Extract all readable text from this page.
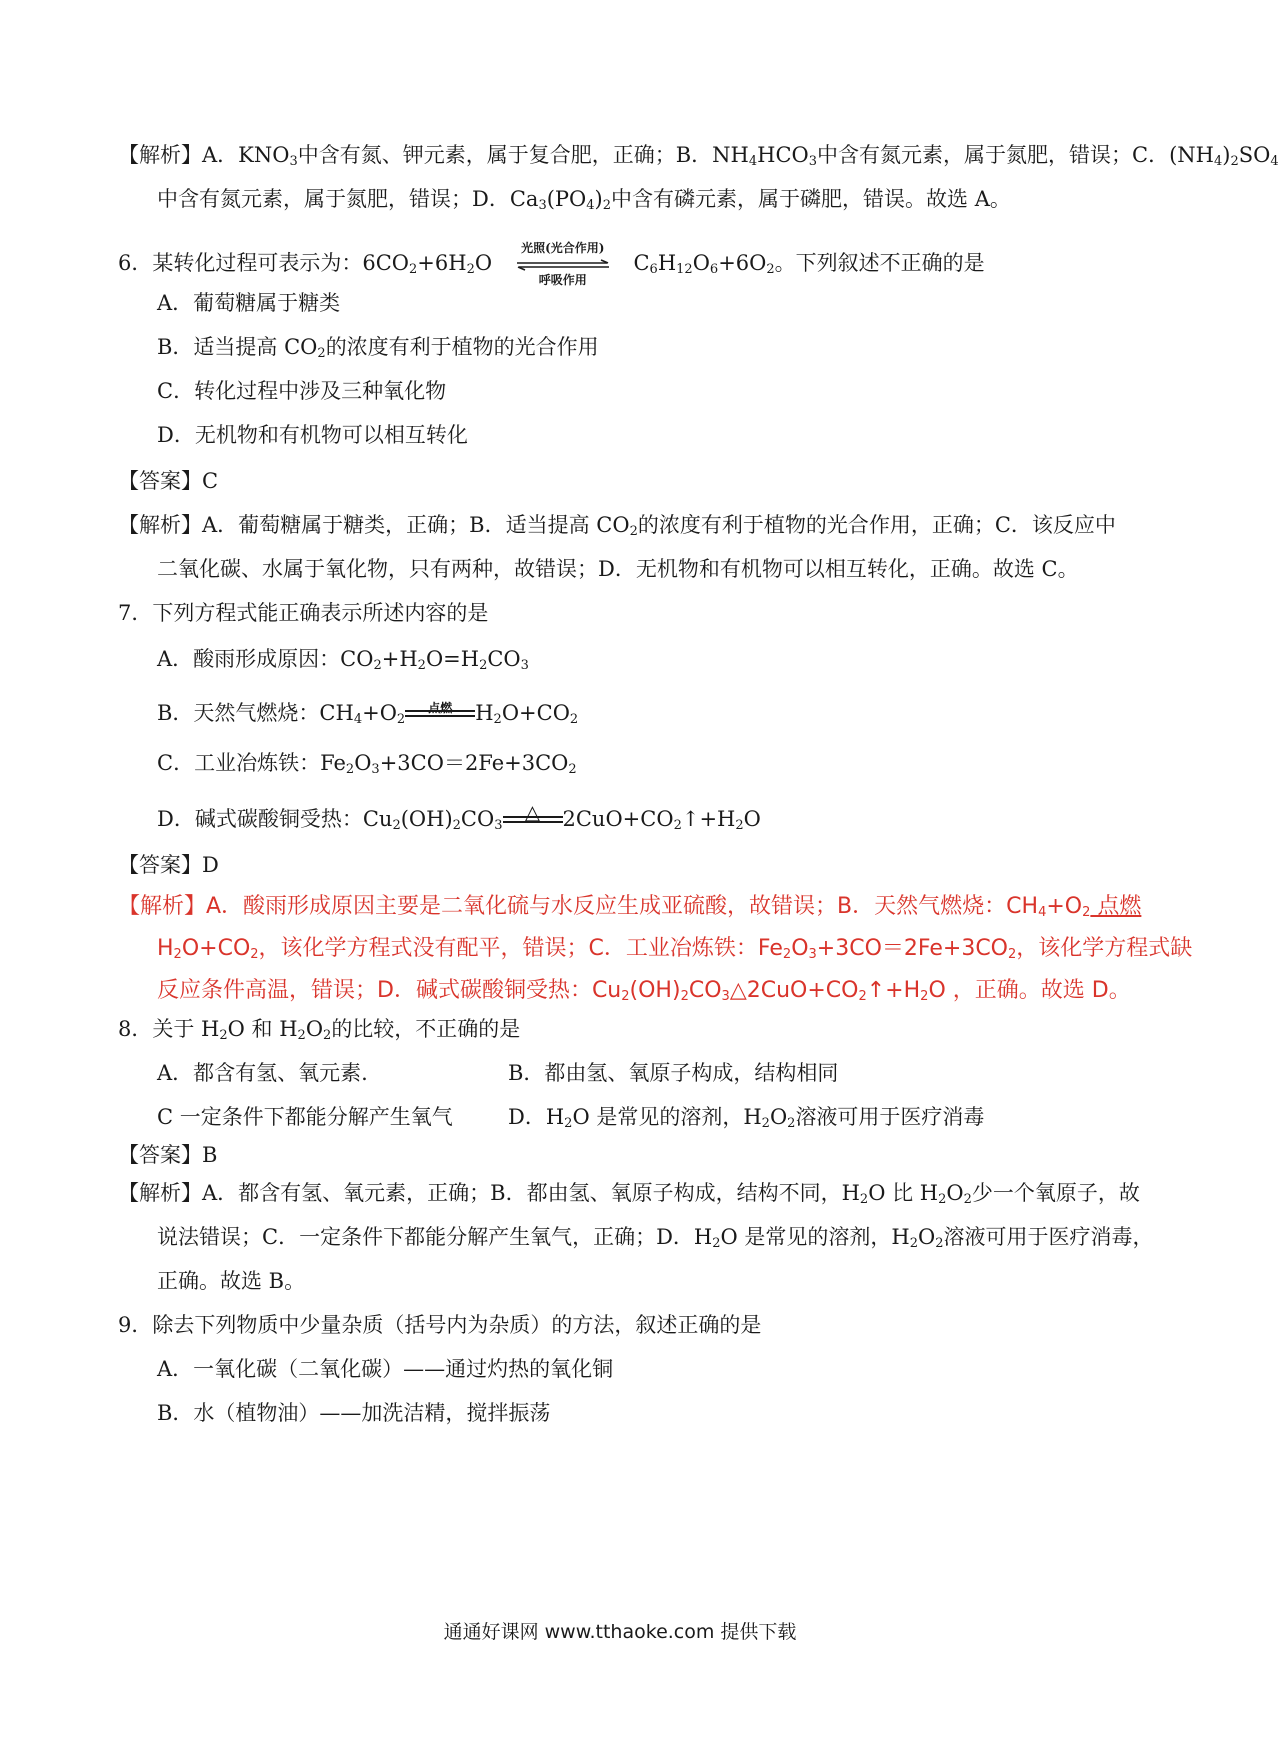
【解析】A．$KNO_3$中含有氮、钾元素，属于复合肥，正确；B．$NH_4HCO_3$中含有氮元素，属于氮肥，错误；C．$(NH_4)_2SO_4$
中含有氮元素，属于氮肥，错误；D．$Ca_3(PO_4)_2$中含有磷元素，属于磷肥，错误。故选 A。
6．某转化过程可表示为：$6CO_2+6H_2O$
光照(光合作用)
呼吸作用
$C_6H_{12}O_6+6O_2$。下列叙述不正确的是
A．葡萄糖属于糖类
B．适当提高 $CO_2$的浓度有利于植物的光合作用
C．转化过程中涉及三种氧化物
D．无机物和有机物可以相互转化
【答案】C
【解析】A．葡萄糖属于糖类，正确；B．适当提高 $CO_2$的浓度有利于植物的光合作用，正确；C．该反应中
二氧化碳、水属于氧化物，只有两种，故错误；D．无机物和有机物可以相互转化，正确。故选 C。
7．下列方程式能正确表示所述内容的是
A．酸雨形成原因：$CO_2+H_2O=H_2CO_3$
B．天然气燃烧：$CH_4+O_2$
点燃	$H_2O+CO_2$
C．工业冶炼铁：$Fe_2O_3+3CO=2Fe+3CO_2$
D．碱式碳酸铜受热：$Cu_2(OH)_2CO_3$
△	$2CuO+CO_2↑+H_2O$
【答案】D
【解析】A．酸雨形成原因主要是二氧化硫与水反应生成亚硫酸，故错误；B．天然气燃烧：$CH_4+O_2$ 点燃
$H_2O+CO_2$，该化学方程式没有配平，错误；C．工业冶炼铁：$Fe_2O_3+3CO=2Fe+3CO_2$，该化学方程式缺
反应条件高温，错误；D．碱式碳酸铜受热：$Cu_2(OH)_2CO_3\triangle 2CuO+CO_2↑+H_2O$ ，正确。故选 D。
8．关于 $H_2O$ 和 $H_2O_2$的比较，不正确的是
A．都含有氢、氧元素.	B．都由氢、氧原子构成，结构相同
C 一定条件下都能分解产生氧气	D．$H_2O$ 是常见的溶剂，$H_2O_2$溶液可用于医疗消毒
【答案】B
【解析】A．都含有氢、氧元素，正确；B．都由氢、氧原子构成，结构不同，$H_2O$ 比 $H_2O_2$少一个氧原子，故
说法错误；C．一定条件下都能分解产生氧气，正确；D．$H_2O$ 是常见的溶剂，$H_2O_2$溶液可用于医疗消毒，
正确。故选 B。
9．除去下列物质中少量杂质（括号内为杂质）的方法，叙述正确的是
A．一氧化碳（二氧化碳）——通过灼热的氧化铜
B．水（植物油）——加洗洁精，搅拌振荡
通通好课网 www.tthaoke.com 提供下载
